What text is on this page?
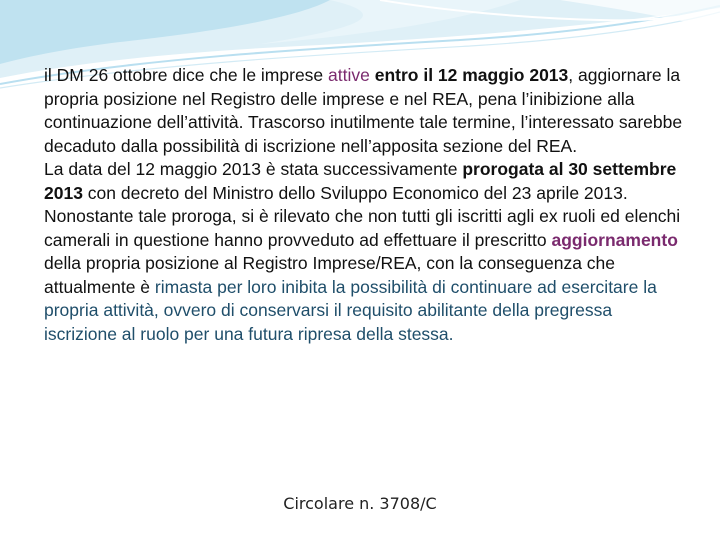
il DM 26 ottobre dice che le imprese attive entro il 12 maggio 2013, aggiornare la propria posizione nel Registro delle imprese e nel REA, pena l’inibizione alla continuazione dell’attività. Trascorso inutilmente tale termine, l’interessato sarebbe decaduto dalla possibilità di iscrizione nell’apposita sezione del REA.

La data del 12 maggio 2013 è stata successivamente prorogata al 30 settembre 2013 con decreto del Ministro dello Sviluppo Economico del 23 aprile 2013.

Nonostante tale proroga, si è rilevato che non tutti gli iscritti agli ex ruoli ed elenchi camerali in questione hanno provveduto ad effettuare il prescritto aggiornamento della propria posizione al Registro Imprese/REA, con la conseguenza che attualmente è rimasta per loro inibita la possibilità di continuare ad esercitare la propria attività, ovvero di conservarsi il requisito abilitante della pregressa iscrizione al ruolo per una futura ripresa della stessa.

Circolare n. 3708/C
